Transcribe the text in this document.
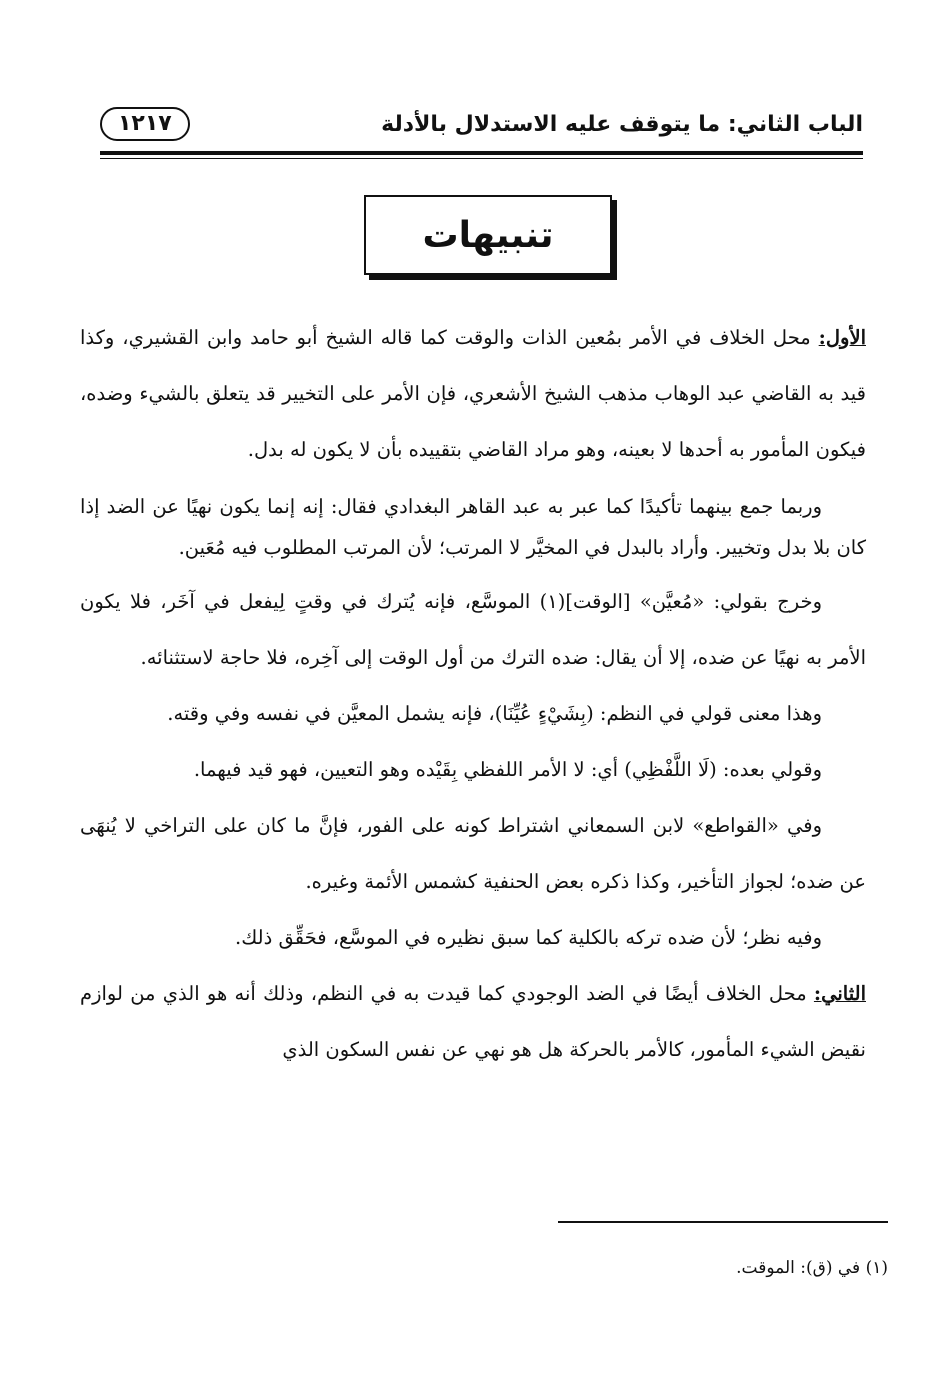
الباب الثاني: ما يتوقف عليه الاستدلال بالأدلة
١٢١٧
تنبيهات

الأول: محل الخلاف في الأمر بمُعين الذات والوقت كما قاله الشيخ أبو حامد وابن القشيري، وكذا قيد به القاضي عبد الوهاب مذهب الشيخ الأشعري، فإن الأمر على التخيير قد يتعلق بالشيء وضده، فيكون المأمور به أحدها لا بعينه، وهو مراد القاضي بتقييده بأن لا يكون له بدل.

وربما جمع بينهما تأكيدًا كما عبر به عبد القاهر البغدادي فقال: إنه إنما يكون نهيًا عن الضد إذا كان بلا بدل وتخيير. وأراد بالبدل في المخيَّر لا المرتب؛ لأن المرتب المطلوب فيه مُعَين.

وخرج بقولي: «مُعيَّن» [الوقت](١) الموسَّع، فإنه يُترك في وقتٍ لِيفعل في آخَر، فلا يكون الأمر به نهيًا عن ضده، إلا أن يقال: ضده الترك من أول الوقت إلى آخِره، فلا حاجة لاستثنائه.

وهذا معنى قولي في النظم: (بِشَيْءٍ عُيِّنَا)، فإنه يشمل المعيَّن في نفسه وفي وقته.

وقولي بعده: (لَا اللَّفْظِي) أي: لا الأمر اللفظي بِقَيْده وهو التعيين، فهو قيد فيهما.

وفي «القواطع» لابن السمعاني اشتراط كونه على الفور، فإنَّ ما كان على التراخي لا يُنهَى عن ضده؛ لجواز التأخير، وكذا ذكره بعض الحنفية كشمس الأئمة وغيره.

وفيه نظر؛ لأن ضده تركه بالكلية كما سبق نظيره في الموسَّع، فحَقِّق ذلك.

الثاني: محل الخلاف أيضًا في الضد الوجودي كما قيدت به في النظم، وذلك أنه هو الذي من لوازم نقيض الشيء المأمور، كالأمر بالحركة هل هو نهي عن نفس السكون الذي

(١) في (ق): الموقت.
